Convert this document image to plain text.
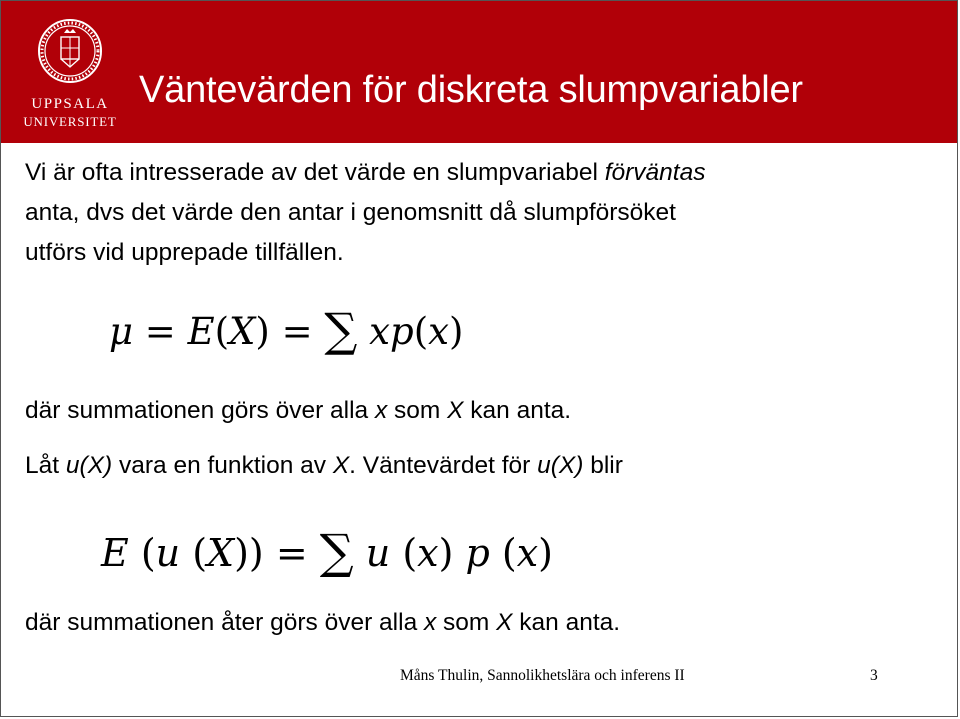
UPPSALA
UNIVERSITET
Väntevärden för diskreta slumpvariabler
Vi är ofta intresserade av det värde en slumpvariabel förväntas
anta, dvs det värde den antar i genomsnitt då slumpförsöket
utförs vid upprepade tillfällen.
μ = E(X) = ∑ xp(x)
där summationen görs över alla x som X kan anta.
Låt u(X) vara en funktion av X. Väntevärdet för u(X) blir
E (u (X)) = ∑ u (x) p (x)
där summationen åter görs över alla x som X kan anta.
Måns Thulin, Sannolikhetslära och inferens II	3
